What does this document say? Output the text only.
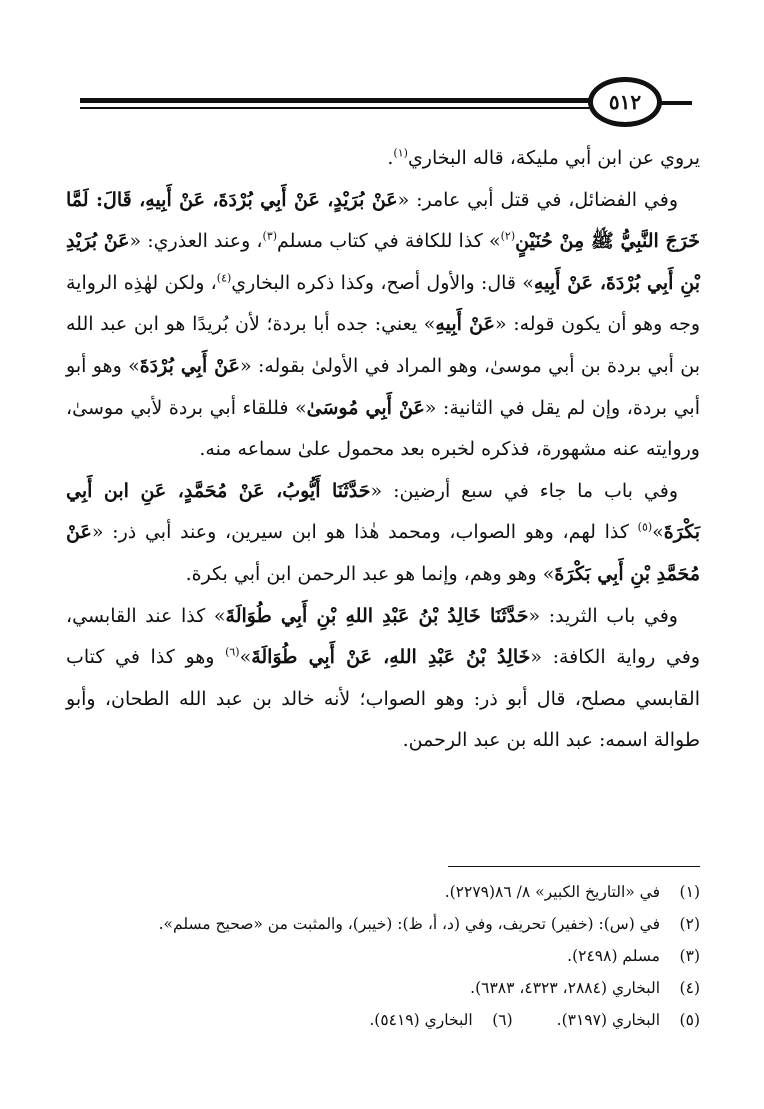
٥١٢

يروي عن ابن أبي مليكة، قاله البخاري$^{(١)}$.

وفي الفضائل، في قتل أبي عامر: «عَنْ بُرَيْدٍ، عَنْ أَبِي بُرْدَةَ، عَنْ أَبِيهِ، قَالَ: لَمَّا خَرَجَ النَّبِيُّ ﷺ مِنْ حُنَيْنٍ$^{(٢)}$» كذا للكافة في كتاب مسلم$^{(٣)}$، وعند العذري: «عَنْ بُرَيْدِ بْنِ أَبِي بُرْدَةَ، عَنْ أَبِيهِ» قال: والأول أصح، وكذا ذكره البخاري$^{(٤)}$، ولكن لهٰذِه الرواية وجه وهو أن يكون قوله: «عَنْ أَبِيهِ» يعني: جده أبا بردة؛ لأن بُريدًا هو ابن عبد الله بن أبي بردة بن أبي موسىٰ، وهو المراد في الأولىٰ بقوله: «عَنْ أَبِي بُرْدَةَ» وهو أبو أبي بردة، وإن لم يقل في الثانية: «عَنْ أَبِي مُوسَىٰ» فللقاء أبي بردة لأبي موسىٰ، وروايته عنه مشهورة، فذكره لخبره بعد محمول علىٰ سماعه منه.

وفي باب ما جاء في سبع أرضين: «حَدَّثَنَا أَيُّوبُ، عَنْ مُحَمَّدٍ، عَنِ ابن أَبِي بَكْرَةَ»$^{(٥)}$ كذا لهم، وهو الصواب، ومحمد هٰذا هو ابن سيرين، وعند أبي ذر: «عَنْ مُحَمَّدِ بْنِ أَبِي بَكْرَةَ» وهو وهم، وإنما هو عبد الرحمن ابن أبي بكرة.

وفي باب الثريد: «حَدَّثَنَا خَالِدُ بْنُ عَبْدِ اللهِ بْنِ أَبِي طُوَالَةَ» كذا عند القابسي، وفي رواية الكافة: «خَالِدُ بْنُ عَبْدِ اللهِ، عَنْ أَبِي طُوَالَةَ»$^{(٦)}$ وهو كذا في كتاب القابسي مصلح، قال أبو ذر: وهو الصواب؛ لأنه خالد بن عبد الله الطحان، وأبو طوالة اسمه: عبد الله بن عبد الرحمن.

(١)
في «التاريخ الكبير» ٨/ ٨٦(٢٢٧٩).
(٢)
في (س): (خفير) تحريف، وفي (د، أ، ظ): (خيبر)، والمثبت من «صحيح مسلم».
(٣)
مسلم (٢٤٩٨).
(٤)
البخاري (٢٨٨٤، ٤٣٢٣، ٦٣٨٣).
(٥)
البخاري (٣١٩٧).
(٦)
البخاري (٥٤١٩).
